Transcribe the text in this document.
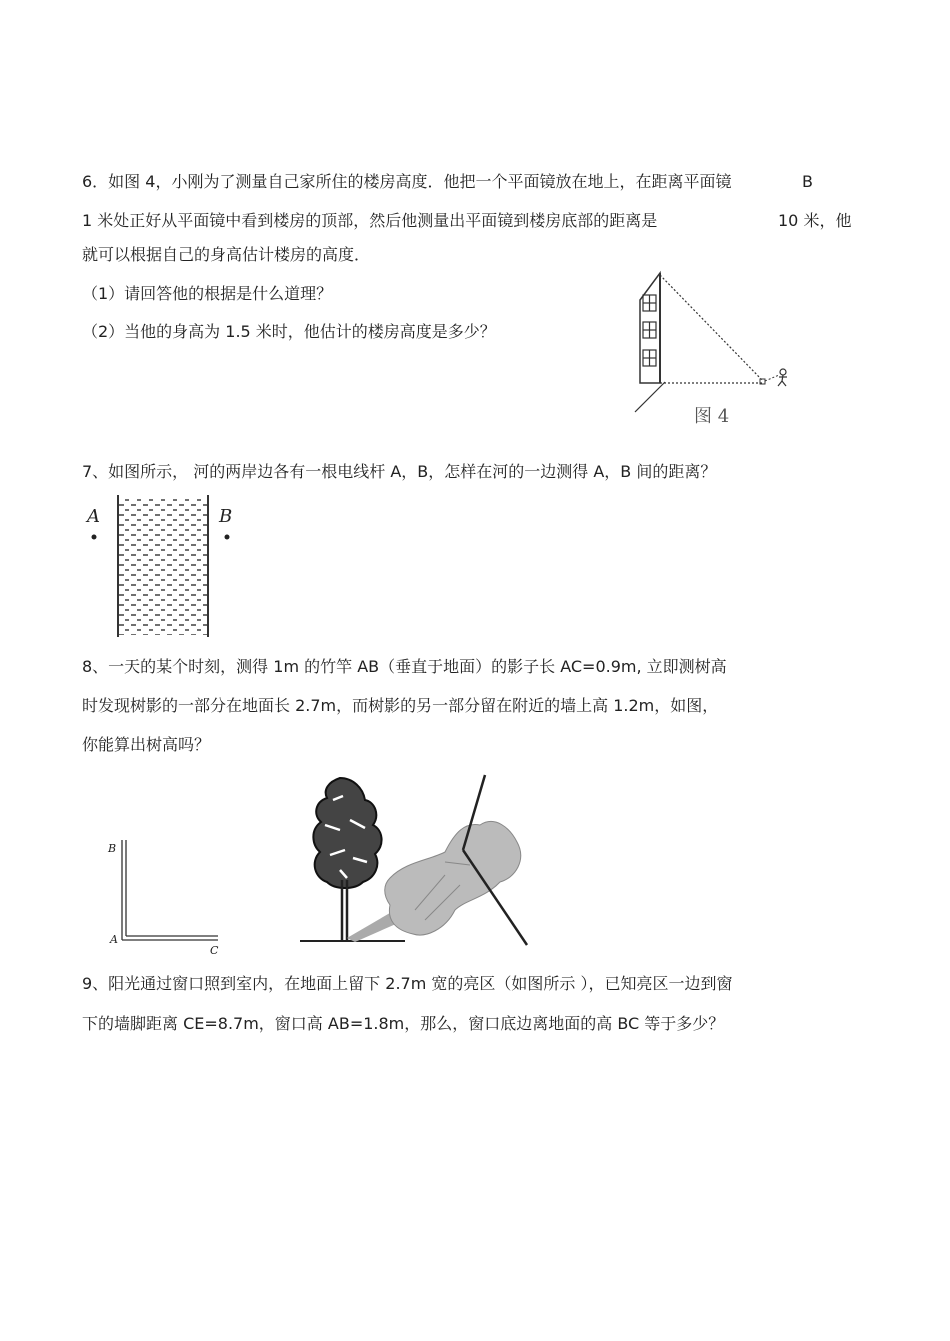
6．如图 4，小刚为了测量自己家所住的楼房高度．他把一个平面镜放在地上，在距离平面镜	B
1 米处正好从平面镜中看到楼房的顶部，然后他测量出平面镜到楼房底部的距离是	10 米，他
就可以根据自己的身高估计楼房的高度．
（1）请回答他的根据是什么道理？
（2）当他的身高为 1.5 米时，他估计的楼房高度是多少？
图 4
7、如图所示， 河的两岸边各有一根电线杆 A，B，怎样在河的一边测得 A，B 间的距离？
A	B
8、一天的某个时刻，测得 1m 的竹竿 AB（垂直于地面）的影子长 AC=0.9m, 立即测树高
时发现树影的一部分在地面长 2.7m，而树影的另一部分留在附近的墙上高 1.2m，如图，
你能算出树高吗？
B
A
C
9、阳光通过窗口照到室内，在地面上留下 2.7m 宽的亮区（如图所示 ），已知亮区一边到窗
下的墙脚距离 CE=8.7m，窗口高 AB=1.8m，那么，窗口底边离地面的高 BC 等于多少？
